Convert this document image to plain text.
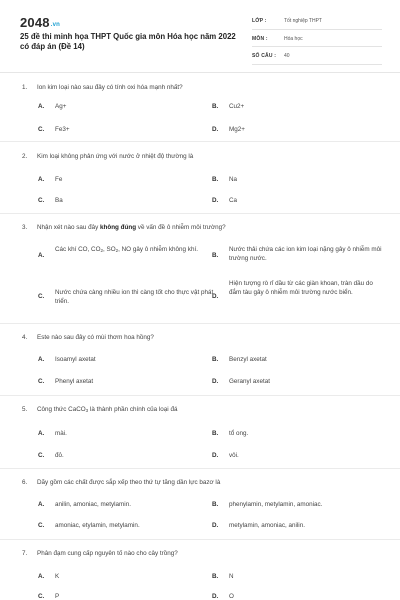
2048.vn
25 đề thi minh họa THPT Quốc gia môn Hóa học năm 2022 có đáp án (Đề 14)
LỚP :	Tốt nghiệp THPT
MÔN :	Hóa học
SỐ CÂU : 40
1. Ion kim loại nào sau đây có tính oxi hóa mạnh nhất?
A. Ag+	B. Cu2+
C. Fe3+	D. Mg2+
2. Kim loại không phản ứng với nước ở nhiệt độ thường là
A. Fe	B. Na
C. Ba	D. Ca
3. Nhận xét nào sau đây không đúng về vấn đề ô nhiễm môi trường?
A.
Các khí CO, $CO_2$, $SO_2$, NO gây ô nhiễm không khí.
B.
Nước thải chứa các ion kim loại nặng gây ô nhiễm môi trường nước.
C.
Nước chứa càng nhiều ion thì càng tốt cho thực vật phát triển.
D.
Hiện tượng rò rỉ dầu từ các giàn khoan, tràn dầu do đắm tàu gây ô nhiễm môi trường nước biển.
4. Este nào sau đây có mùi thơm hoa hồng?
A. Isoamyl axetat	B. Benzyl axetat
C. Phenyl axetat	D. Geranyl axetat
5. Công thức CaCO$_3$ là thành phần chính của loại đá
A. mài.	B. tổ ong.
C. đỏ.	D. vôi.
6. Dãy gồm các chất được sắp xếp theo thứ tự tăng dần lực bazơ là
A. anilin, amoniac, metylamin.	B. phenylamin, metylamin, amoniac.
C. amoniac, etylamin, metylamin.	D. metylamin, amoniac, anilin.
7. Phân đạm cung cấp nguyên tố nào cho cây trồng?
A. K	B. N
C. P	D. O
